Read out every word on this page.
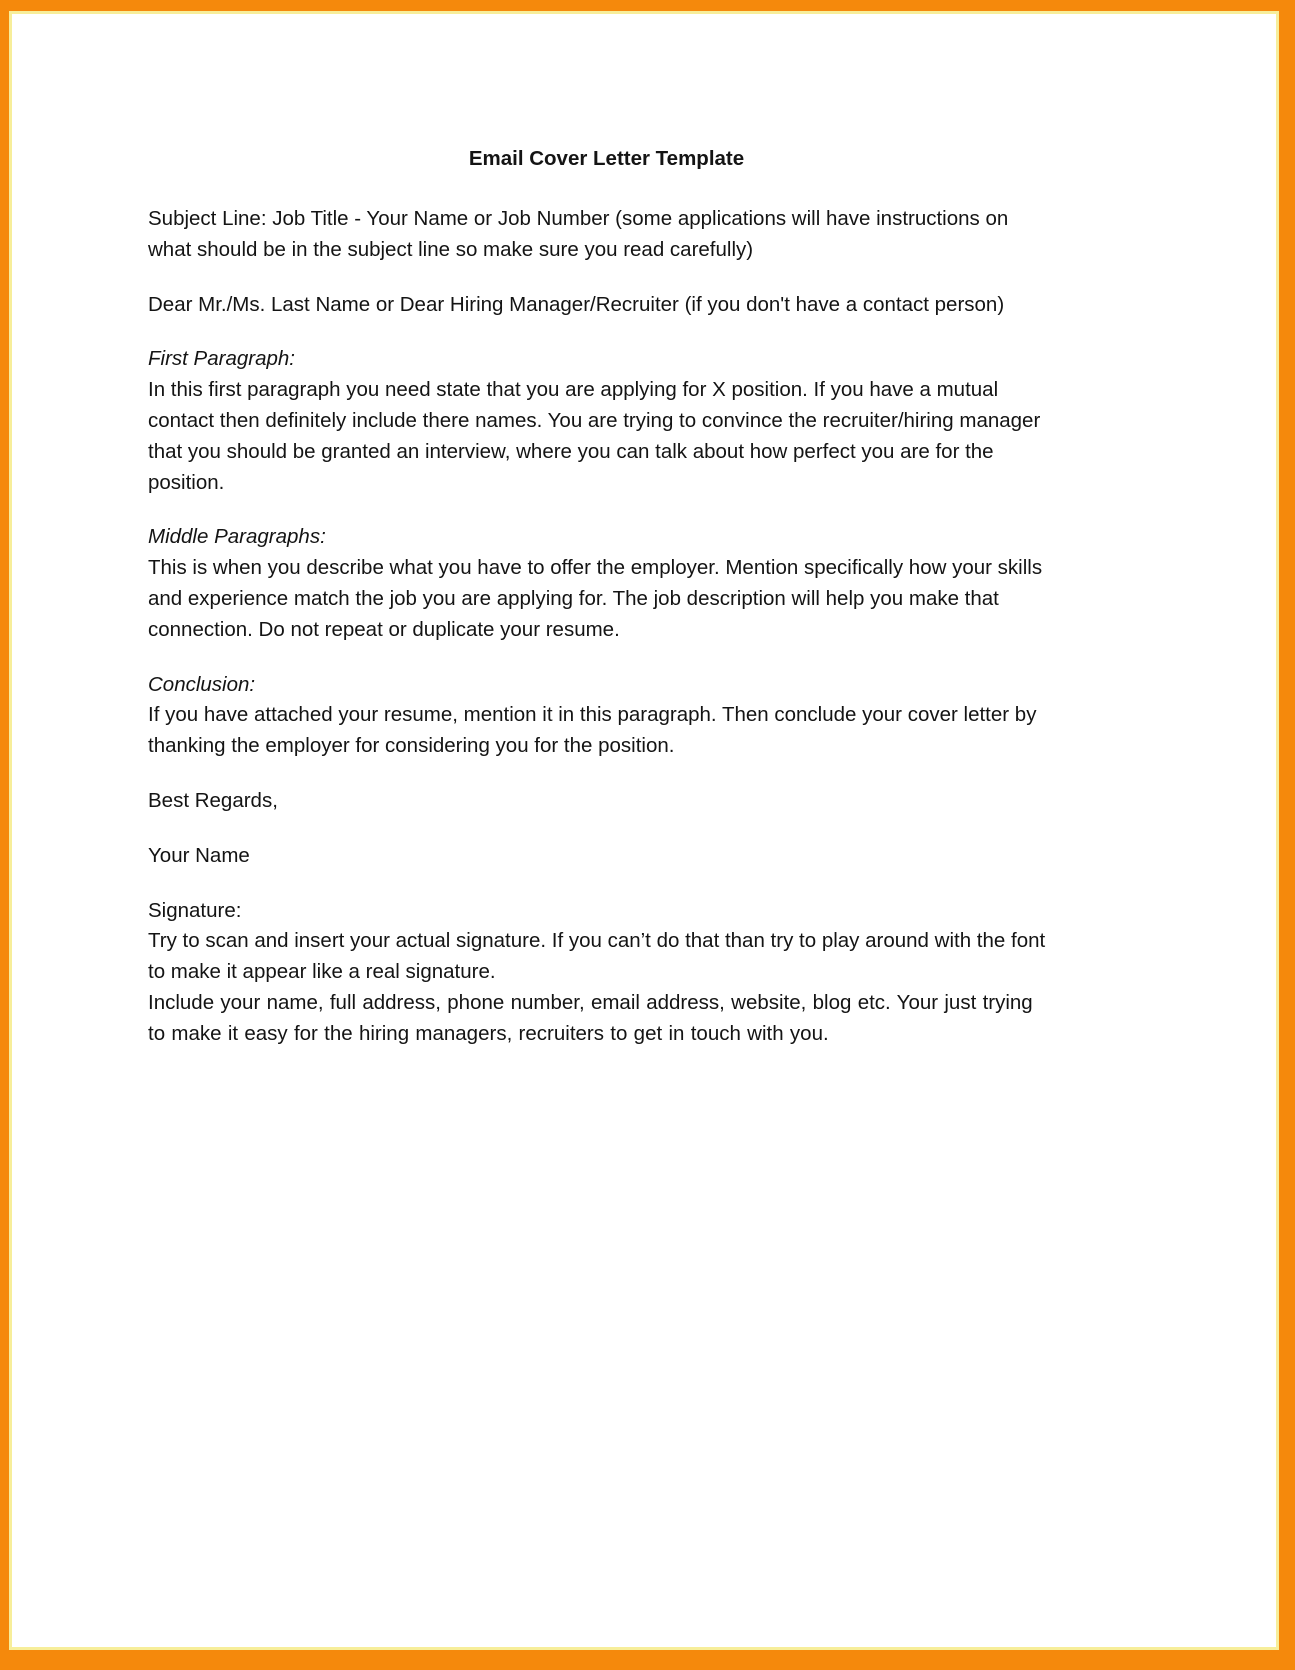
Email Cover Letter Template

Subject Line: Job Title - Your Name or Job Number (some applications will have instructions on what should be in the subject line so make sure you read carefully)

Dear Mr./Ms. Last Name or Dear Hiring Manager/Recruiter (if you don't have a contact person)

First Paragraph:

In this first paragraph you need state that you are applying for X position. If you have a mutual contact then definitely include there names. You are trying to convince the recruiter/hiring manager that you should be granted an interview, where you can talk about how perfect you are for the position.

Middle Paragraphs:

This is when you describe what you have to offer the employer. Mention specifically how your skills and experience match the job you are applying for. The job description will help you make that connection. Do not repeat or duplicate your resume.

Conclusion:

If you have attached your resume, mention it in this paragraph. Then conclude your cover letter by thanking the employer for considering you for the position.

Best Regards,

Your Name

Signature:

Try to scan and insert your actual signature. If you can’t do that than try to play around with the font to make it appear like a real signature.

Include your name, full address, phone number, email address, website, blog etc. Your just trying to make it easy for the hiring managers, recruiters to get in touch with you.
